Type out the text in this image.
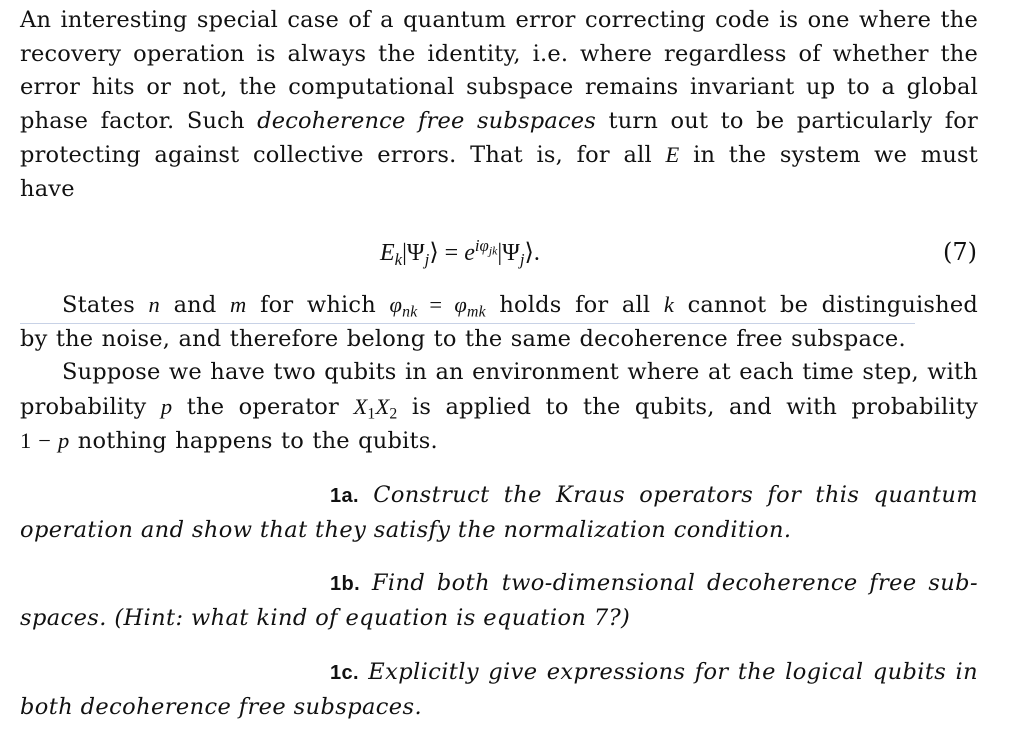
An interesting special case of a quantum error correcting code is one where the
recovery operation is always the identity, i.e. where regardless of whether the
error hits or not, the computational subspace remains invariant up to a global
phase factor. Such decoherence free subspaces turn out to be particularly for
protecting against collective errors. That is, for all E in the system we must
have
$E_k|\Psi_j⟩$ = $e^{i\varphi_{jk}}|\Psi_j⟩$.	(7)
States n and m for which $\varphi_{nk} = \varphi_{mk}$ holds for all k cannot be distinguished
by the noise, and therefore belong to the same decoherence free subspace.
Suppose we have two qubits in an environment where at each time step, with
probability p the operator $X_1X_2$ is applied to the qubits, and with probability
1 − p nothing happens to the qubits.
1a. Construct the Kraus operators for this quantum
operation and show that they satisfy the normalization condition.
1b. Find both two-dimensional decoherence free sub-
spaces. (Hint: what kind of equation is equation 7?)
1c. Explicitly give expressions for the logical qubits in
both decoherence free subspaces.
